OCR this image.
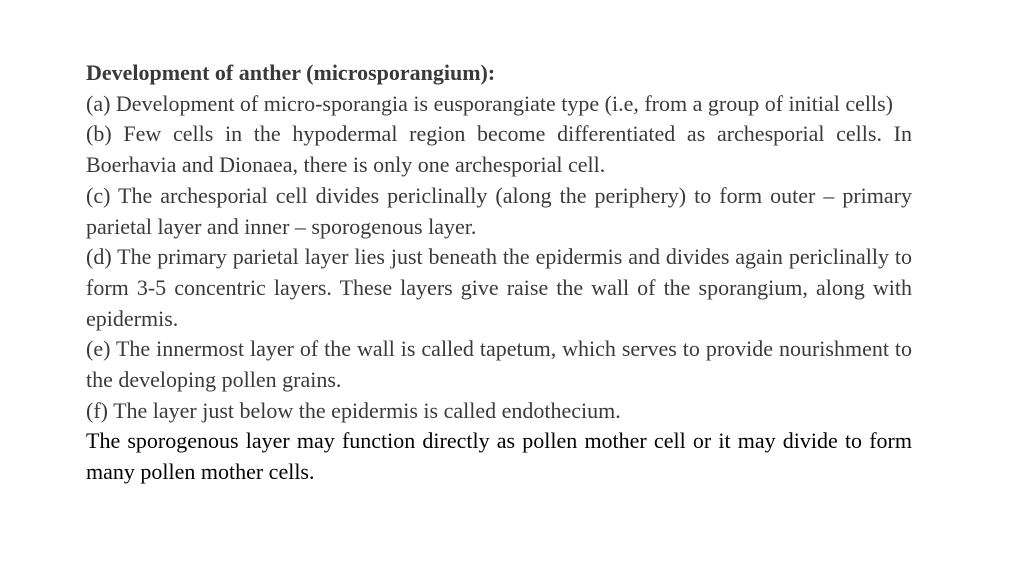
Development of anther (microsporangium):

(a) Development of micro-sporangia is eusporangiate type (i.e, from a group of initial cells)

(b) Few cells in the hypodermal region become differentiated as archesporial cells. In Boerhavia and Dionaea, there is only one archesporial cell.

(c) The archesporial cell divides periclinally (along the periphery) to form outer – primary parietal layer and inner – sporogenous layer.

(d) The primary parietal layer lies just beneath the epidermis and divides again periclinally to form 3-5 concentric layers. These layers give raise the wall of the sporangium, along with epidermis.

(e) The innermost layer of the wall is called tapetum, which serves to provide nourishment to the developing pollen grains.

(f) The layer just below the epidermis is called endothecium.

The sporogenous layer may function directly as pollen mother cell or it may divide to form many pollen mother cells.
